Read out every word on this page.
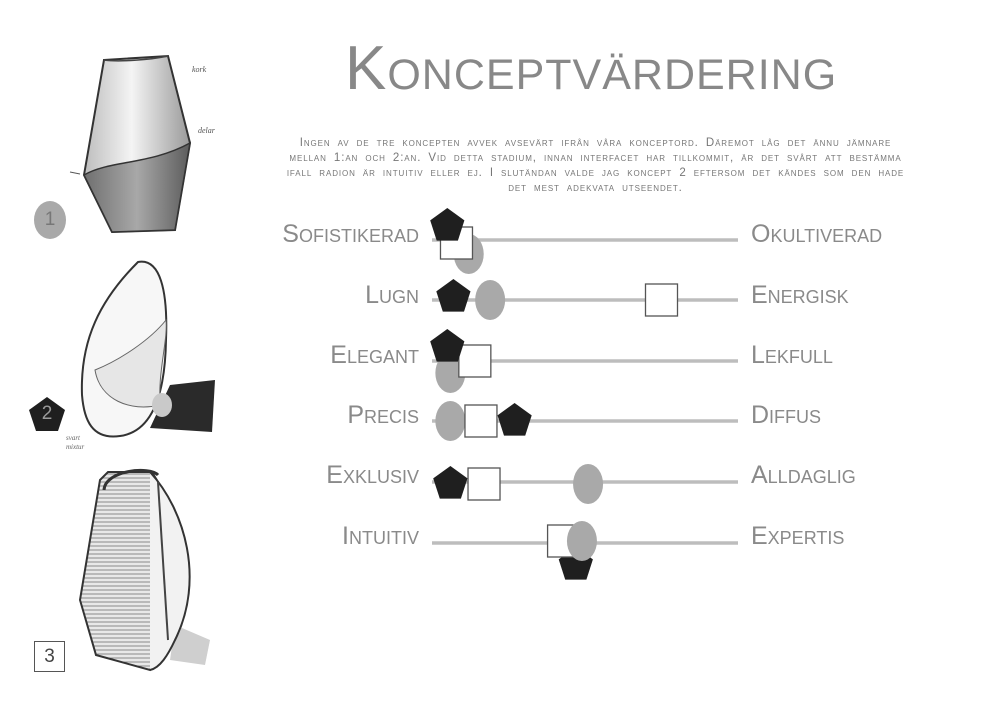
kork
delar
svart
mixtur
1
2
3
Konceptvärdering
Ingen av de tre koncepten avvek avsevärt ifrån våra konceptord. Däremot låg det ännu jämnare mellan 1:an och 2:an. Vid detta stadium, innan interfacet har tillkommit, är det svårt att bestämma ifall radion är intuitiv eller ej. I slutändan valde jag koncept 2 eftersom det kändes som den hade det mest adekvata utseendet.
Sofistikerad	Okultiverad
Lugn	Energisk
Elegant	Lekfull
Precis	Diffus
Exklusiv	Alldaglig
Intuitiv	Expertis
